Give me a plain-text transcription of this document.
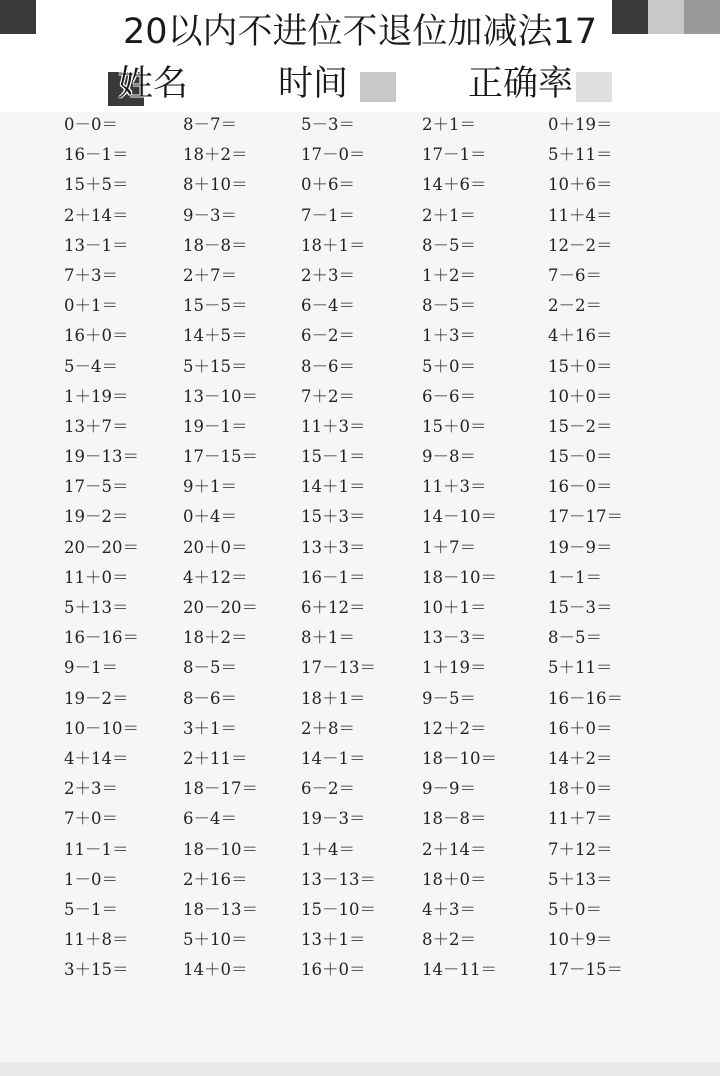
20以内不进位不退位加减法17
姓名	时间	正确率
0－0＝
16－1＝
15＋5＝
2＋14＝
13－1＝
7＋3＝
0＋1＝
16＋0＝
5－4＝
1＋19＝
13＋7＝
19－13＝
17－5＝
19－2＝
20－20＝
11＋0＝
5＋13＝
16－16＝
9－1＝
19－2＝
10－10＝
4＋14＝
2＋3＝
7＋0＝
11－1＝
1－0＝
5－1＝
11＋8＝
3＋15＝
8－7＝
18＋2＝
8＋10＝
9－3＝
18－8＝
2＋7＝
15－5＝
14＋5＝
5＋15＝
13－10＝
19－1＝
17－15＝
9＋1＝
0＋4＝
20＋0＝
4＋12＝
20－20＝
18＋2＝
8－5＝
8－6＝
3＋1＝
2＋11＝
18－17＝
6－4＝
18－10＝
2＋16＝
18－13＝
5＋10＝
14＋0＝
5－3＝
17－0＝
0＋6＝
7－1＝
18＋1＝
2＋3＝
6－4＝
6－2＝
8－6＝
7＋2＝
11＋3＝
15－1＝
14＋1＝
15＋3＝
13＋3＝
16－1＝
6＋12＝
8＋1＝
17－13＝
18＋1＝
2＋8＝
14－1＝
6－2＝
19－3＝
1＋4＝
13－13＝
15－10＝
13＋1＝
16＋0＝
2＋1＝
17－1＝
14＋6＝
2＋1＝
8－5＝
1＋2＝
8－5＝
1＋3＝
5＋0＝
6－6＝
15＋0＝
9－8＝
11＋3＝
14－10＝
1＋7＝
18－10＝
10＋1＝
13－3＝
1＋19＝
9－5＝
12＋2＝
18－10＝
9－9＝
18－8＝
2＋14＝
18＋0＝
4＋3＝
8＋2＝
14－11＝
0＋19＝
5＋11＝
10＋6＝
11＋4＝
12－2＝
7－6＝
2－2＝
4＋16＝
15＋0＝
10＋0＝
15－2＝
15－0＝
16－0＝
17－17＝
19－9＝
1－1＝
15－3＝
8－5＝
5＋11＝
16－16＝
16＋0＝
14＋2＝
18＋0＝
11＋7＝
7＋12＝
5＋13＝
5＋0＝
10＋9＝
17－15＝
